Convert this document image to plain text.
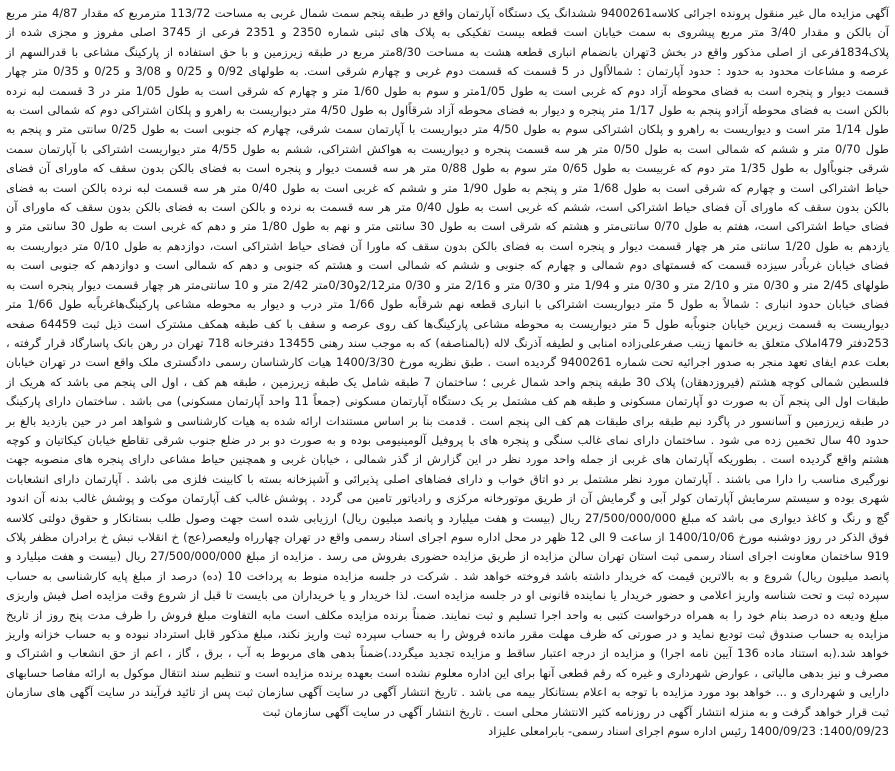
آگهی مزایده مال غیر منقول پرونده اجرائی کلاسه9400261 ششدانگ یک دستگاه آپارتمان واقع در طبقه پنجم سمت شمال غربی به مساحت 113/72 مترمربع که مقدار 4/87 متر مربع آن بالکن و مقدار 3/40 متر مربع پیشروی به سمت خیابان است قطعه بیست تفکیکی به پلاک های ثبتی شماره 2350 و 2351 فرعی از 3745 اصلی مفروز و مجزی شده از پلاک1834فرعی از اصلی مذکور واقع در بخش 3تهران بانضمام انباری قطعه هشت به مساحت 8/30متر مربع در طبقه زیرزمین و با حق استفاده از پارکینگ مشاعی با قدرالسهم از عرصه و مشاعات محدود به حدود : حدود آپارتمان : شمالاًاول در 5 قسمت که قسمت دوم غربی و چهارم شرقی است. به طولهای 0/92 و 0/25 و 3/08 و 0/25 و 0/35 متر چهار قسمت دیوار و پنجره است به فضای محوطه آزاد دوم که غربی است به طول 1/05متر و سوم به طول 1/60 متر و چهارم که شرقی است به طول 1/05 متر در 3 قسمت لبه نرده بالکن است به فضای محوطه آزادو پنجم به طول 1/17 متر پنجره و دیوار به فضای محوطه آزاد شرقاًاول به طول 4/50 متر دیواریست به راهرو و پلکان اشتراکی دوم که شمالی است به طول 1/14 متر است و دیواریست به راهرو و پلکان اشتراکی سوم به طول 4/50 متر دیواریست با آپارتمان سمت شرقی، چهارم که جنوبی است به طول 0/25 سانتی متر و پنجم به طول 0/70 متر و ششم که شمالی است به طول 0/50 متر هر سه قسمت پنجره و دیواریست به هواکش اشتراکی، ششم به طول 4/55 متر دیواریست اشتراکی با آپارتمان سمت شرقی جنوباًاول به طول 1/35 متر دوم که غربیست به طول 0/65 متر سوم به طول 0/88 متر هر سه قسمت دیوار و پنجره است به فضای بالکن بدون سقف که ماورای آن فضای حیاط اشتراکی است و چهارم که شرقی است به طول 1/68 متر و پنجم به طول 1/90 متر و ششم که غربی است به طول 0/40 متر هر سه قسمت لبه نرده بالکن است به فضای بالکن بدون سقف که ماورای آن فضای حیاط اشتراکی است، ششم که غربی است به طول 0/40 متر هر سه قسمت به نرده و بالکن است به فضای بالکن بدون سقف که ماورای آن فضای حیاط اشتراکی است، هفتم به طول 0/70 سانتی‌متر و هشتم که شرقی است به طول 30 سانتی متر و نهم به طول 1/80 متر و دهم که غربی است به طول 30 سانتی متر و یازدهم به طول 1/20 سانتی متر هر چهار قسمت دیوار و پنجره است به فضای بالکن بدون سقف که ماورا آن فضای حیاط اشتراکی است، دوازدهم به طول 0/10 متر دیواریست به فضای خیابان غرباًدر سیزده قسمت که قسمتهای دوم شمالی و چهارم که جنوبی و ششم که شمالی است و هشتم که جنوبی و دهم که شمالی است و دوازدهم که جنوبی است به طولهای 2/45 متر و 0/30 متر و 2/10 متر و 0/30 متر و 1/94 متر و 0/30 متر و 2/16 متر و 0/30 متر2/12و0/30متر 2/42 متر و 10 سانتی‌متر هر چهار قسمت دیوار پنجره است به فضای خیابان حدود انباری : شمالاً به طول 5 متر دیواریست اشتراکی با انباری قطعه نهم شرقاًبه طول 1/66 متر درب و دیوار به محوطه مشاعی پارکینگ‌هاغرباًبه طول 1/66 متر دیواریست به قسمت زیرین خیابان جنوباًبه طول 5 متر دیواریست به محوطه مشاعی پارکینگ‌ها کف روی عرصه و سقف با کف طبقه همکف مشترک است ذیل ثبت 64459 صفحه 253دفتر 479املاک متعلق به خانمها زینب صفرعلی‌زاده امنابی و لطیفه آذرنگ لاله (بالمناصفه) که به موجب سند رهنی 13455 دفترخانه 718 تهران در رهن بانک پاسارگاد قرار گرفته ، بعلت عدم ایفای تعهد منجر به صدور اجرائیه تحت شماره 9400261 گردیده است . طبق نظریه مورخ 1400/3/30 هیات کارشناسان رسمی دادگستری ملک واقع است در تهران خیابان فلسطین شمالی کوچه هشتم (فیروزدهقان) پلاک 30 طبقه پنجم واحد شمال غربی ؛ ساختمان 7 طبقه شامل یک طبقه زیرزمین ، طبقه هم کف ، اول الی پنجم می باشد که هریک از طبقات اول الی پنجم آن به صورت دو آپارتمان مسکونی و طبقه هم کف مشتمل بر یک دستگاه آپارتمان مسکونی (جمعاً 11 واحد آپارتمان مسکونی) می باشد . ساختمان دارای پارکینگ در طبقه زیرزمین و آسانسور در پاگرد نیم طبقه برای طبقات هم کف الی پنجم است . قدمت بنا بر اساس مستندات ارائه شده به هیات کارشناسی و شواهد امر در حین بازدید بالغ بر حدود 40 سال تخمین زده می شود . ساختمان دارای نمای غالب سنگی و پنجره های با پروفیل آلومینیومی بوده و به صورت دو بر در ضلع جنوب شرقی تقاطع خیابان کیکاتیان و کوچه هشتم واقع گردیده است . بطوریکه آپارتمان های غربی از جمله واحد مورد نظر در این گزارش از گذر شمالی ، خیابان غربی و همچنین حیاط مشاعی دارای پنجره های منصوبه جهت نورگیری مناسب را دارا می باشند . آپارتمان مورد نظر مشتمل بر دو اتاق خواب و دارای فضاهای اصلی پذیرائی و آشپزخانه بسته با کابینت فلزی می باشد . آپارتمان دارای انشعابات شهری بوده و سیستم سرمایش آپارتمان کولر آبی و گرمایش آن از طریق موتورخانه مرکزی و رادیاتور تامین می گردد . پوشش غالب کف آپارتمان موکت و پوشش غالب بدنه آن اندود گچ و رنگ و کاغذ دیواری می باشد که مبلغ 27/500/000/000 ریال (بیست و هفت میلیارد و پانصد میلیون ریال) ارزیابی شده است جهت وصول طلب بستانکار و حقوق دولتی کلاسه فوق الذکر در روز دوشنبه مورخ 1400/10/06 از ساعت 9 الی 12 ظهر در محل اداره سوم اجرای اسناد رسمی واقع در تهران چهارراه ولیعصر(عج) خ انقلاب نبش خ برادران مظفر پلاک 919 ساختمان معاونت اجرای اسناد رسمی ثبت استان تهران سالن مزایده از طریق مزایده حضوری بفروش می رسد . مزایده از مبلغ 27/500/000/000 ریال (بیست و هفت میلیارد و پانصد میلیون ریال) شروع و به بالاترین قیمت که خریدار داشته باشد فروخته خواهد شد . شرکت در جلسه مزایده منوط به پرداخت 10 (ده) درصد از مبلغ پایه کارشناسی به حساب سپرده ثبت و تحت شناسه واریز اعلامی و حضور خریدار یا نماینده قانونی او در جلسه مزایده است. لذا خریدار و یا خریداران می بایست تا قبل از شروع وقت مزایده اصل فیش واریزی مبلغ ودیعه ده درصد بنام خود را به همراه درخواست کتبی به واحد اجرا تسلیم و ثبت نمایند. ضمناً برنده مزایده مکلف است مابه التفاوت مبلغ فروش را ظرف مدت پنج روز از تاریخ مزایده به حساب صندوق ثبت تودیع نماید و در صورتی که ظرف مهلت مقرر مانده فروش را به حساب سپرده ثبت واریز نکند، مبلغ مذکور قابل استرداد نبوده و به حساب خزانه واریز خواهد شد.(به استناد ماده 136 آیین نامه اجرا) و مزایده از درجه اعتبار ساقط و مزایده تجدید میگردد.)ضمناً بدهی های مربوط به آب ، برق ، گاز ، اعم از حق انشعاب و اشتراک و مصرف و نیز بدهی مالیاتی ، عوارض شهرداری و غیره که رقم قطعی آنها برای این اداره معلوم نشده است بعهده برنده مزایده است و تنظیم سند انتقال موکول به ارائه مفاصا حسابهای دارایی و شهرداری و ... خواهد بود مورد مزایده با توجه به اعلام بستانکار بیمه می باشد . تاریخ انتشار آگهی در سایت آگهی سازمان ثبت پس از تائید فرآیند در سایت آگهی های سازمان ثبت قرار خواهد گرفت و به منزله انتشار آگهی در روزنامه کثیر الانتشار محلی است . تاریخ انتشار آگهی در سایت آگهی سازمان ثبت

1400/09/23: 1400/09/23 رئیس اداره سوم اجرای اسناد رسمی- بابرامعلی علیزاد
